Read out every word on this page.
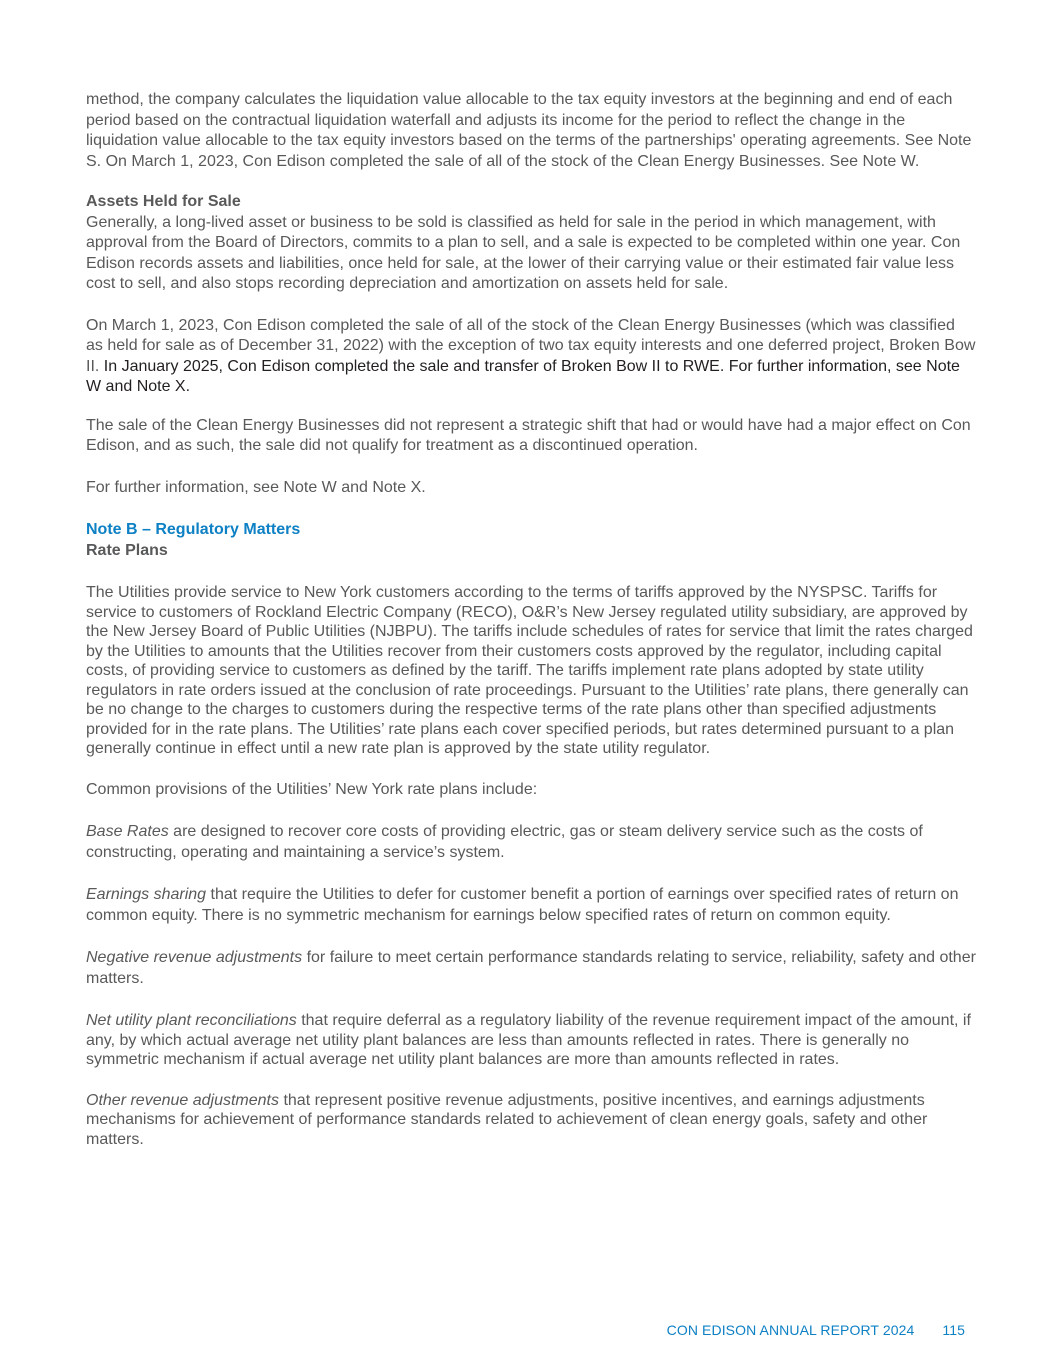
method, the company calculates the liquidation value allocable to the tax equity investors at the beginning and end of each period based on the contractual liquidation waterfall and adjusts its income for the period to reflect the change in the liquidation value allocable to the tax equity investors based on the terms of the partnerships' operating agreements. See Note S. On March 1, 2023, Con Edison completed the sale of all of the stock of the Clean Energy Businesses. See Note W.

Assets Held for Sale

Generally, a long-lived asset or business to be sold is classified as held for sale in the period in which management, with approval from the Board of Directors, commits to a plan to sell, and a sale is expected to be completed within one year. Con Edison records assets and liabilities, once held for sale, at the lower of their carrying value or their estimated fair value less cost to sell, and also stops recording depreciation and amortization on assets held for sale.

On March 1, 2023, Con Edison completed the sale of all of the stock of the Clean Energy Businesses (which was classified as held for sale as of December 31, 2022) with the exception of two tax equity interests and one deferred project, Broken Bow II. In January 2025, Con Edison completed the sale and transfer of Broken Bow II to RWE. For further information, see Note W and Note X.

The sale of the Clean Energy Businesses did not represent a strategic shift that had or would have had a major effect on Con Edison, and as such, the sale did not qualify for treatment as a discontinued operation.

For further information, see Note W and Note X.

Note B – Regulatory Matters

Rate Plans

The Utilities provide service to New York customers according to the terms of tariffs approved by the NYSPSC. Tariffs for service to customers of Rockland Electric Company (RECO), O&R’s New Jersey regulated utility subsidiary, are approved by the New Jersey Board of Public Utilities (NJBPU). The tariffs include schedules of rates for service that limit the rates charged by the Utilities to amounts that the Utilities recover from their customers costs approved by the regulator, including capital costs, of providing service to customers as defined by the tariff. The tariffs implement rate plans adopted by state utility regulators in rate orders issued at the conclusion of rate proceedings. Pursuant to the Utilities’ rate plans, there generally can be no change to the charges to customers during the respective terms of the rate plans other than specified adjustments provided for in the rate plans. The Utilities’ rate plans each cover specified periods, but rates determined pursuant to a plan generally continue in effect until a new rate plan is approved by the state utility regulator.

Common provisions of the Utilities’ New York rate plans include:

Base Rates are designed to recover core costs of providing electric, gas or steam delivery service such as the costs of constructing, operating and maintaining a service’s system.

Earnings sharing that require the Utilities to defer for customer benefit a portion of earnings over specified rates of return on common equity. There is no symmetric mechanism for earnings below specified rates of return on common equity.

Negative revenue adjustments for failure to meet certain performance standards relating to service, reliability, safety and other matters.

Net utility plant reconciliations that require deferral as a regulatory liability of the revenue requirement impact of the amount, if any, by which actual average net utility plant balances are less than amounts reflected in rates. There is generally no symmetric mechanism if actual average net utility plant balances are more than amounts reflected in rates.

Other revenue adjustments that represent positive revenue adjustments, positive incentives, and earnings adjustments mechanisms for achievement of performance standards related to achievement of clean energy goals, safety and other matters.

CON EDISON ANNUAL REPORT 2024 115
